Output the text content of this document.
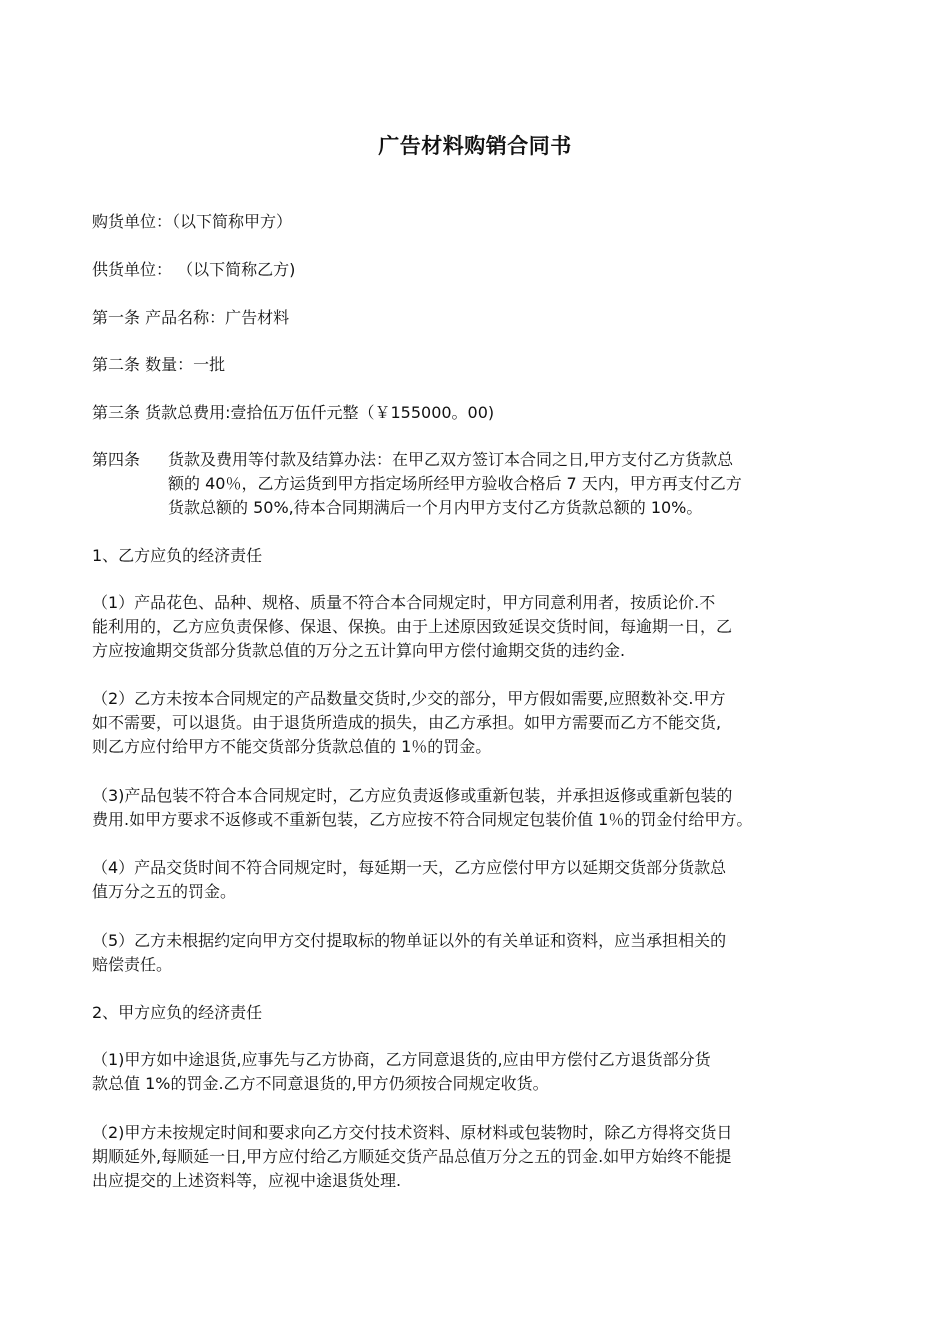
广告材料购销合同书
购货单位：（以下简称甲方）
供货单位： （以下简称乙方)
第一条 产品名称：广告材料
第二条 数量：一批
第三条 货款总费用:壹拾伍万伍仟元整（￥155000。00)
第四条 货款及费用等付款及结算办法：在甲乙双方签订本合同之日,甲方支付乙方货款总
额的 40％，乙方运货到甲方指定场所经甲方验收合格后 7 天内，甲方再支付乙方
货款总额的 50%,待本合同期满后一个月内甲方支付乙方货款总额的 10%。
1、乙方应负的经济责任
（1）产品花色、品种、规格、质量不符合本合同规定时，甲方同意利用者，按质论价.不
能利用的，乙方应负责保修、保退、保换。由于上述原因致延误交货时间，每逾期一日，乙
方应按逾期交货部分货款总值的万分之五计算向甲方偿付逾期交货的违约金.
（2）乙方未按本合同规定的产品数量交货时,少交的部分，甲方假如需要,应照数补交.甲方
如不需要，可以退货。由于退货所造成的损失，由乙方承担。如甲方需要而乙方不能交货,
则乙方应付给甲方不能交货部分货款总值的 1％的罚金。
（3)产品包装不符合本合同规定时，乙方应负责返修或重新包装，并承担返修或重新包装的
费用.如甲方要求不返修或不重新包装，乙方应按不符合同规定包装价值 1％的罚金付给甲方。
（4）产品交货时间不符合同规定时，每延期一天，乙方应偿付甲方以延期交货部分货款总
值万分之五的罚金。
（5）乙方未根据约定向甲方交付提取标的物单证以外的有关单证和资料，应当承担相关的
赔偿责任。
2、甲方应负的经济责任
（1)甲方如中途退货,应事先与乙方协商，乙方同意退货的,应由甲方偿付乙方退货部分货
款总值 1%的罚金.乙方不同意退货的,甲方仍须按合同规定收货。
（2)甲方未按规定时间和要求向乙方交付技术资料、原材料或包装物时，除乙方得将交货日
期顺延外,每顺延一日,甲方应付给乙方顺延交货产品总值万分之五的罚金.如甲方始终不能提
出应提交的上述资料等，应视中途退货处理.
